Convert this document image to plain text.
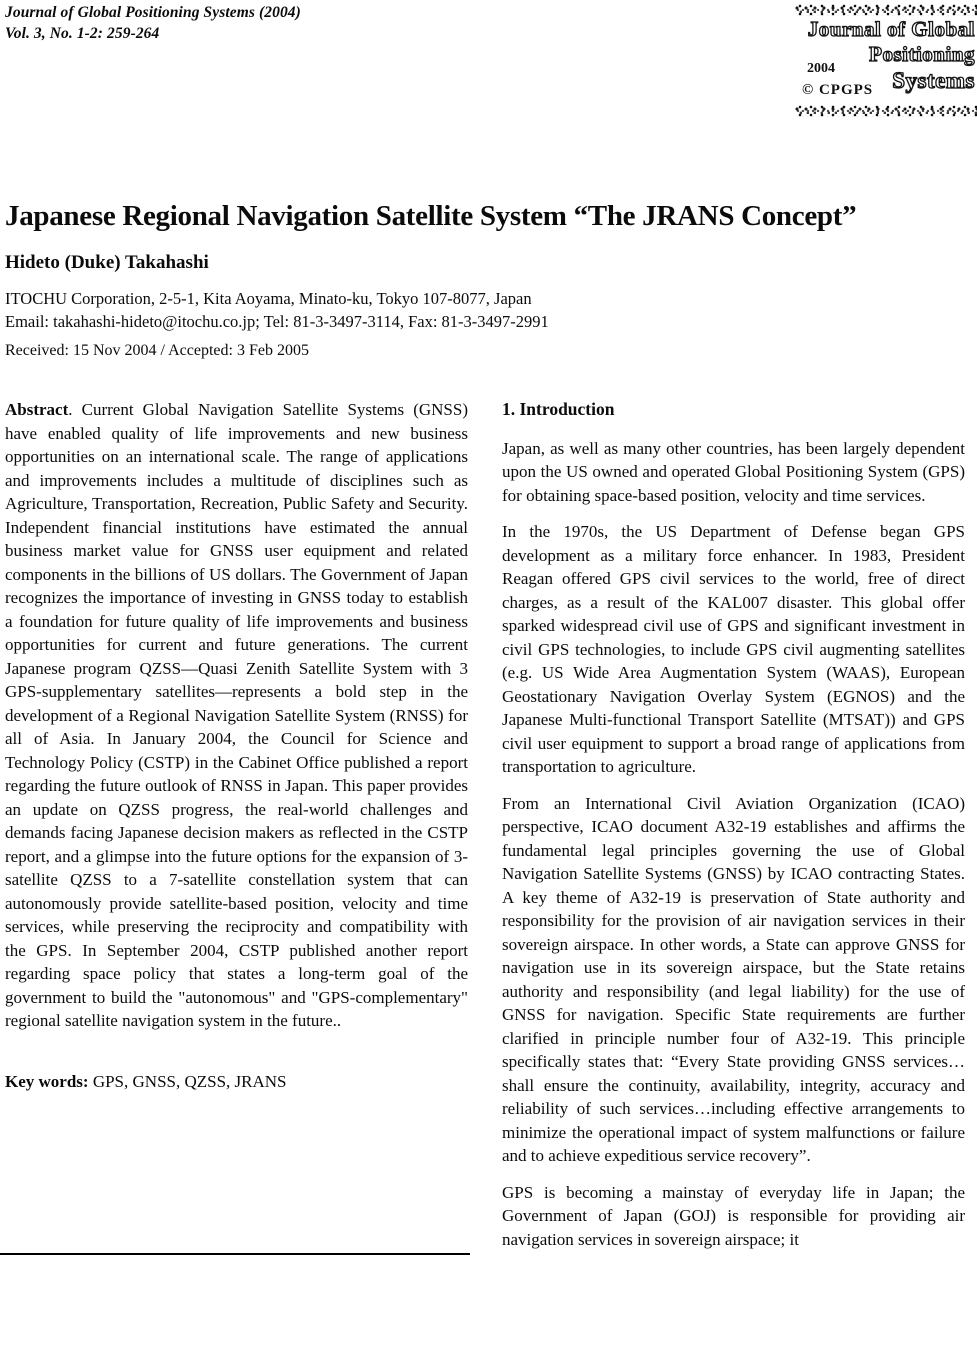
Journal of Global Positioning Systems (2004)
Vol. 3, No. 1-2: 259-264	Journal of Global
Positioning
Systems
2004
© CPGPS
Japanese Regional Navigation Satellite System “The JRANS Concept”
Hideto (Duke) Takahashi
ITOCHU Corporation, 2-5-1, Kita Aoyama, Minato-ku, Tokyo 107-8077, Japan
Email: takahashi-hideto@itochu.co.jp; Tel: 81-3-3497-3114, Fax: 81-3-3497-2991
Received: 15 Nov 2004 / Accepted: 3 Feb 2005

Abstract. Current Global Navigation Satellite Systems (GNSS) have enabled quality of life improvements and new business opportunities on an international scale. The range of applications and improvements includes a multitude of disciplines such as Agriculture, Transportation, Recreation, Public Safety and Security. Independent financial institutions have estimated the annual business market value for GNSS user equipment and related components in the billions of US dollars. The Government of Japan recognizes the importance of investing in GNSS today to establish a foundation for future quality of life improvements and business opportunities for current and future generations. The current Japanese program QZSS—Quasi Zenith Satellite System with 3 GPS-supplementary satellites—represents a bold step in the development of a Regional Navigation Satellite System (RNSS) for all of Asia. In January 2004, the Council for Science and Technology Policy (CSTP) in the Cabinet Office published a report regarding the future outlook of RNSS in Japan. This paper provides an update on QZSS progress, the real-world challenges and demands facing Japanese decision makers as reflected in the CSTP report, and a glimpse into the future options for the expansion of 3-satellite QZSS to a 7-satellite constellation system that can autonomously provide satellite-based position, velocity and time services, while preserving the reciprocity and compatibility with the GPS. In September 2004, CSTP published another report regarding space policy that states a long-term goal of the government to build the "autonomous" and "GPS-complementary" regional satellite navigation system in the future..

Key words: GPS, GNSS, QZSS, JRANS
1. Introduction

Japan, as well as many other countries, has been largely dependent upon the US owned and operated Global Positioning System (GPS) for obtaining space-based position, velocity and time services.

In the 1970s, the US Department of Defense began GPS development as a military force enhancer. In 1983, President Reagan offered GPS civil services to the world, free of direct charges, as a result of the KAL007 disaster. This global offer sparked widespread civil use of GPS and significant investment in civil GPS technologies, to include GPS civil augmenting satellites (e.g. US Wide Area Augmentation System (WAAS), European Geostationary Navigation Overlay System (EGNOS) and the Japanese Multi-functional Transport Satellite (MTSAT)) and GPS civil user equipment to support a broad range of applications from transportation to agriculture.

From an International Civil Aviation Organization (ICAO) perspective, ICAO document A32-19 establishes and affirms the fundamental legal principles governing the use of Global Navigation Satellite Systems (GNSS) by ICAO contracting States. A key theme of A32-19 is preservation of State authority and responsibility for the provision of air navigation services in their sovereign airspace. In other words, a State can approve GNSS for navigation use in its sovereign airspace, but the State retains authority and responsibility (and legal liability) for the use of GNSS for navigation. Specific State requirements are further clarified in principle number four of A32-19. This principle specifically states that: “Every State providing GNSS services…shall ensure the continuity, availability, integrity, accuracy and reliability of such services…including effective arrangements to minimize the operational impact of system malfunctions or failure and to achieve expeditious service recovery”.

GPS is becoming a mainstay of everyday life in Japan; the Government of Japan (GOJ) is responsible for providing air navigation services in sovereign airspace; it
